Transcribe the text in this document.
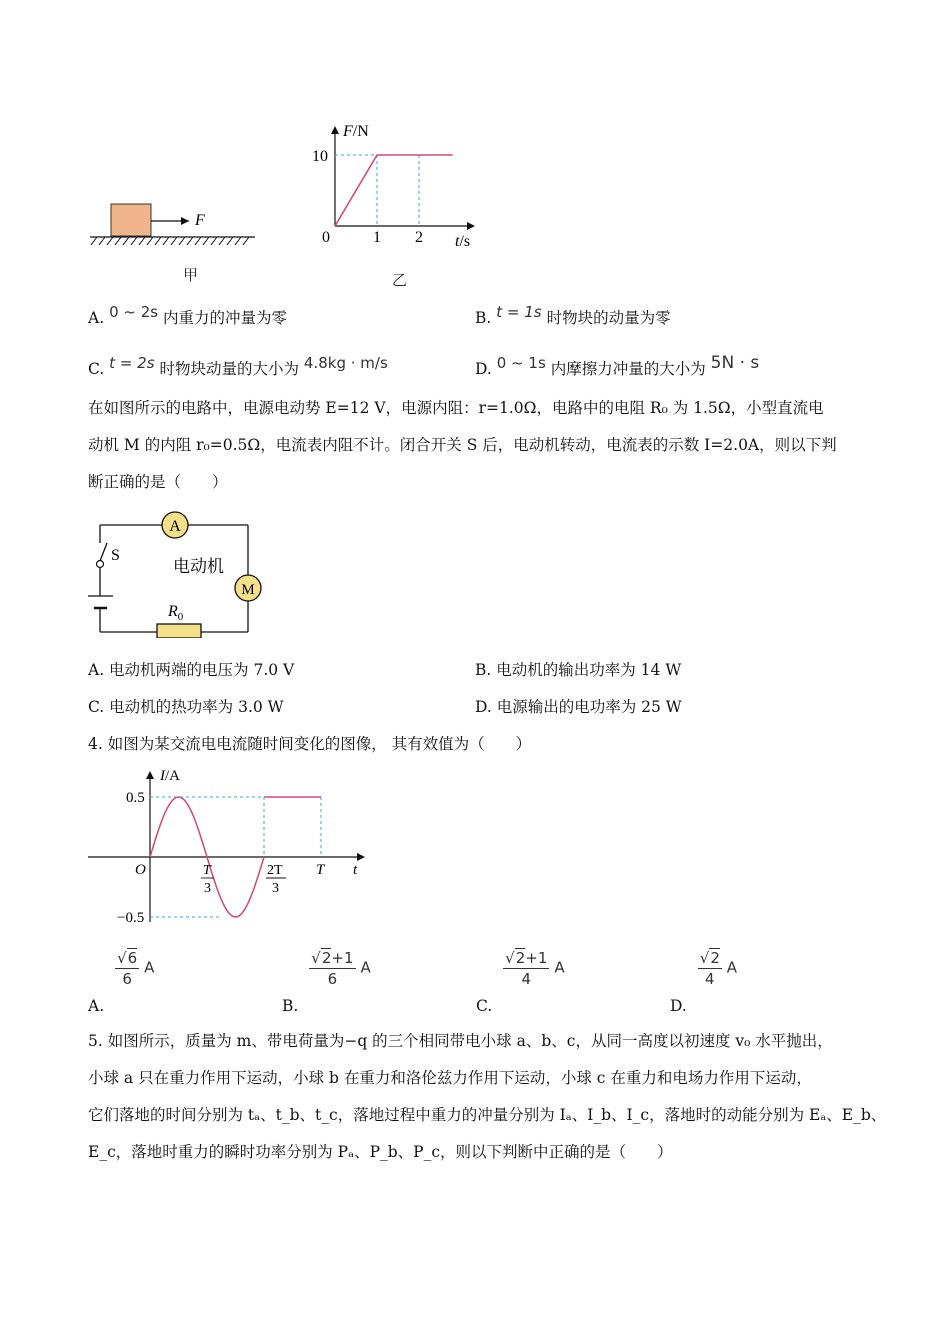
F
甲
F/N
t/s
10
0	1 2
乙
A. 0 ~ 2s 内重力的冲量为零	B. t = 1s 时物块的动量为零
C. t = 2s 时物块动量的大小为 4.8kg · m/s	D. 0 ~ 1s 内摩擦力冲量的大小为 5N · s

在如图所示的电路中，电源电动势 E=12 V，电源内阻：r=1.0Ω，电路中的电阻 R₀ 为 1.5Ω，小型直流电

动机 M 的内阻 r₀=0.5Ω，电流表内阻不计。闭合开关 S 后，电动机转动，电流表的示数 I=2.0A，则以下判

断正确的是（　　）

A
M
$R_0$
S
电动机
A. 电动机两端的电压为 7.0 V	B. 电动机的输出功率为 14 W
C. 电动机的热功率为 3.0 W	D. 电源输出的电功率为 25 W
4. 如图为某交流电电流随时间变化的图像， 其有效值为（　　）
I/A
0.5
−0.5
O	T
3
2T
3
T t
A.
$\frac{√6}{6}$ A
B.
$\frac{√2+1}{6}$ A
C.
$\frac{√2+1}{4}$ A
D.
$\frac{√2}{4}$ A

5. 如图所示，质量为 m、带电荷量为−q 的三个相同带电小球 a、b、c，从同一高度以初速度 v₀ 水平抛出，

小球 a 只在重力作用下运动，小球 b 在重力和洛伦兹力作用下运动，小球 c 在重力和电场力作用下运动，

它们落地的时间分别为 tₐ、t_b、t_c，落地过程中重力的冲量分别为 Iₐ、I_b、I_c，落地时的动能分别为 Eₐ、E_b、

E_c，落地时重力的瞬时功率分别为 Pₐ、P_b、P_c，则以下判断中正确的是（　　）
